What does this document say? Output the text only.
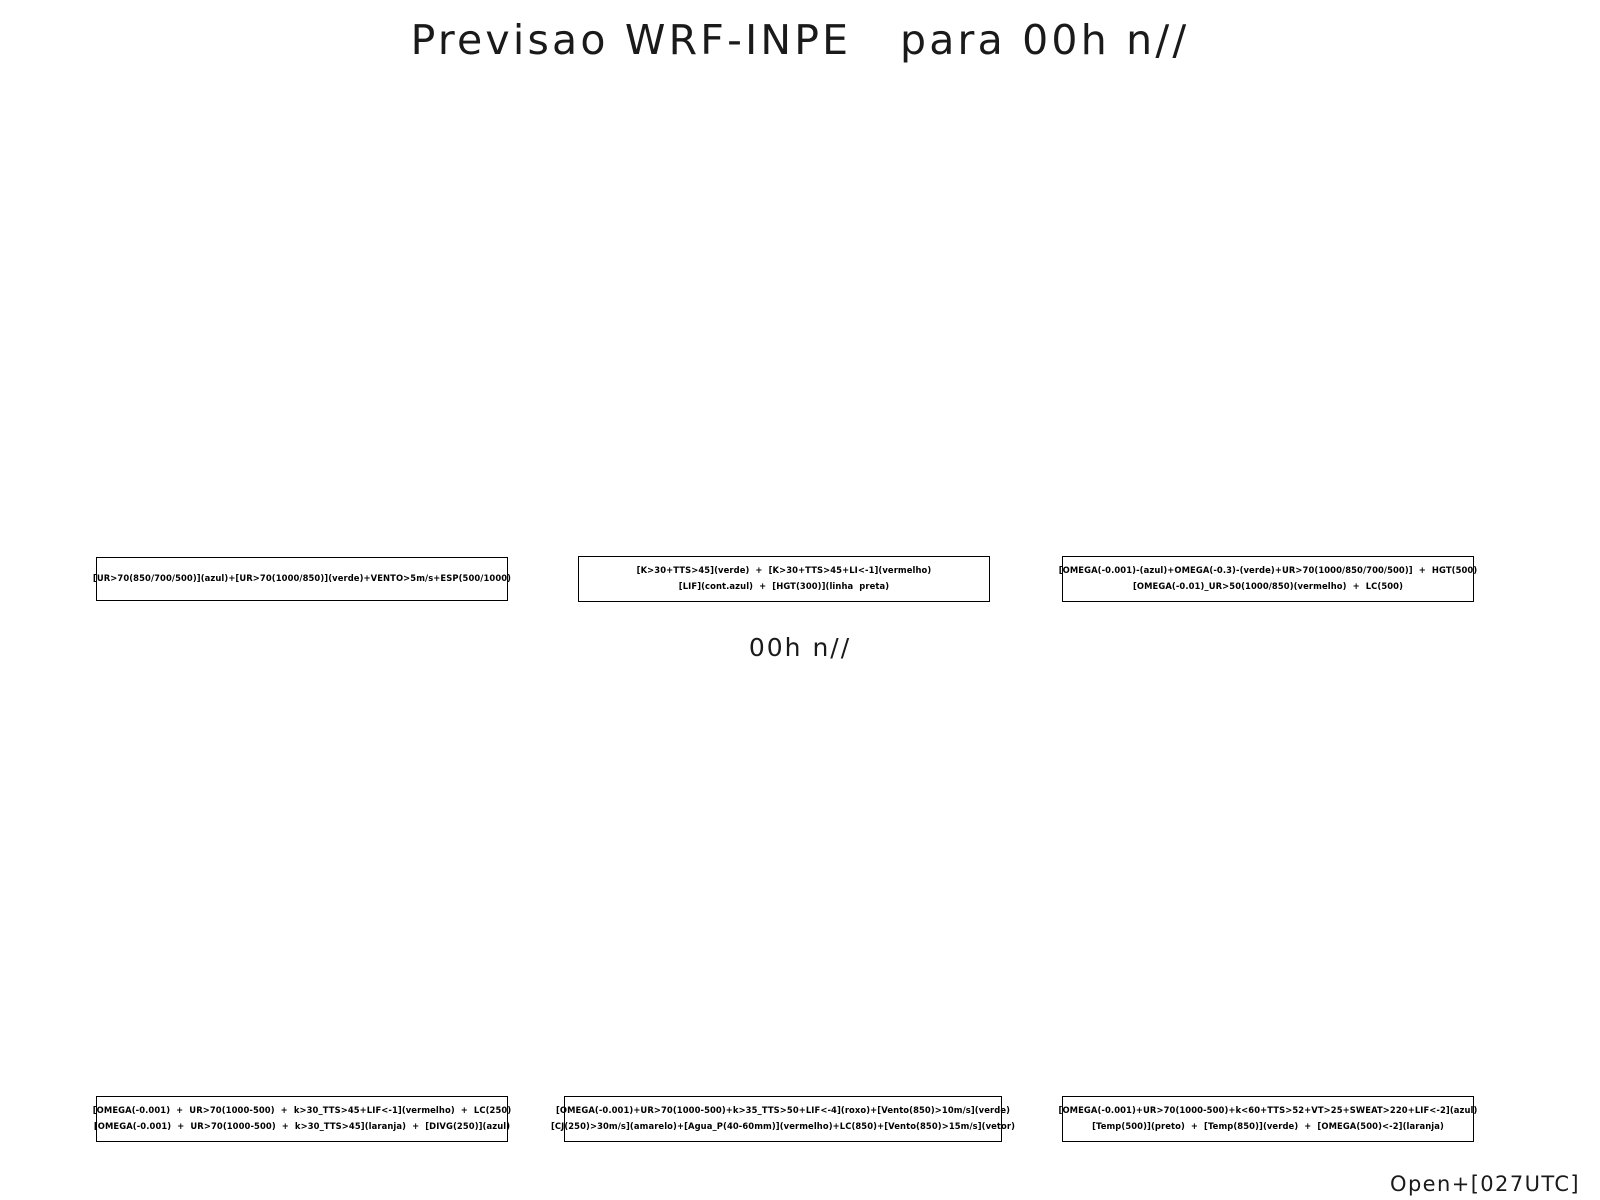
Previsao WRF-INPE   para 00h n//
[UR>70(850/700/500)](azul)+[UR>70(1000/850)](verde)+VENTO>5m/s+ESP(500/1000)
[K>30+TTS>45](verde)  +  [K>30+TTS>45+LI<-1](vermelho)
[LIF](cont.azul)  +  [HGT(300)](linha  preta)
[OMEGA(-0.001)-(azul)+OMEGA(-0.3)-(verde)+UR>70(1000/850/700/500)]  +  HGT(500)
[OMEGA(-0.01)_UR>50(1000/850)(vermelho)  +  LC(500)
00h n//
[OMEGA(-0.001)  +  UR>70(1000-500)  +  k>30_TTS>45+LIF<-1](vermelho)  +  LC(250)
[OMEGA(-0.001)  +  UR>70(1000-500)  +  k>30_TTS>45](laranja)  +  [DIVG(250)](azul)
[OMEGA(-0.001)+UR>70(1000-500)+k>35_TTS>50+LIF<-4](roxo)+[Vento(850)>10m/s](verde)
[CJ(250)>30m/s](amarelo)+[Agua_P(40-60mm)](vermelho)+LC(850)+[Vento(850)>15m/s](vetor)
[OMEGA(-0.001)+UR>70(1000-500)+k<60+TTS>52+VT>25+SWEAT>220+LIF<-2](azul)
[Temp(500)](preto)  +  [Temp(850)](verde)  +  [OMEGA(500)<-2](laranja)
Open+[027UTC]
